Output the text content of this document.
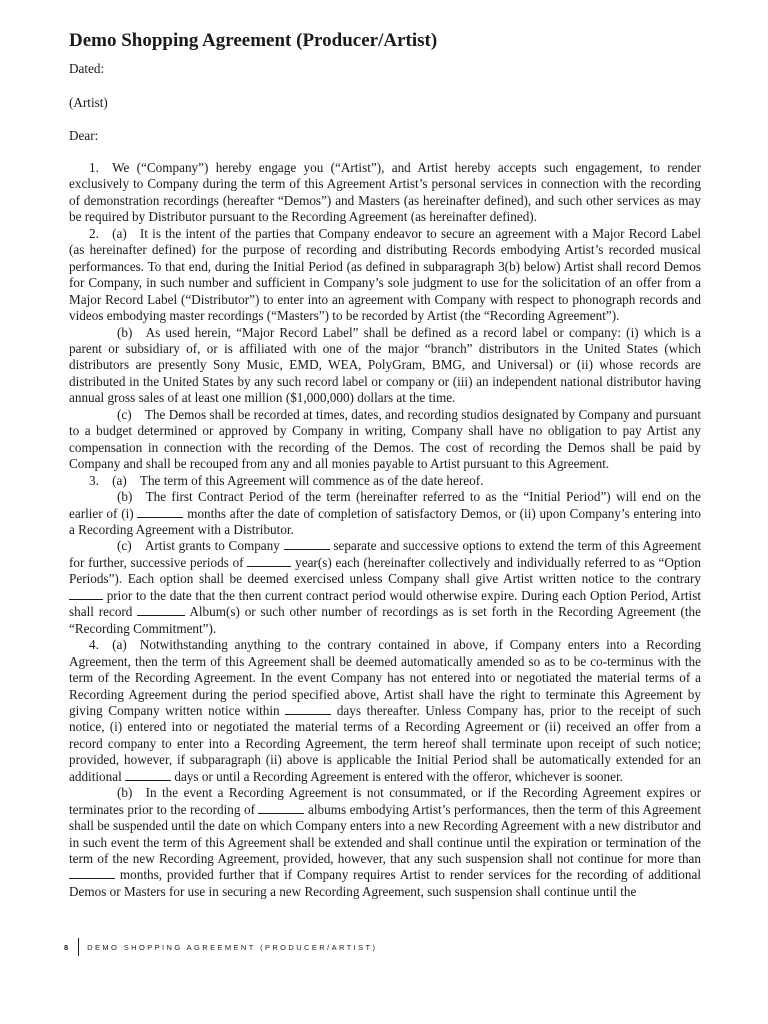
Demo Shopping Agreement (Producer/Artist)

Dated:

(Artist)

Dear:

1. We (“Company”) hereby engage you (“Artist”), and Artist hereby accepts such engagement, to render exclusively to Company during the term of this Agreement Artist’s personal services in connection with the recording of demonstration recordings (hereafter “Demos”) and Masters (as hereinafter defined), and such other services as may be required by Distributor pursuant to the Recording Agreement (as hereinafter defined).

2. (a) It is the intent of the parties that Company endeavor to secure an agreement with a Major Record Label (as hereinafter defined) for the purpose of recording and distributing Records embodying Artist’s recorded musical performances. To that end, during the Initial Period (as defined in subparagraph 3(b) below) Artist shall record Demos for Company, in such number and sufficient in Company’s sole judgment to use for the solicitation of an offer from a Major Record Label (“Distributor”) to enter into an agreement with Company with respect to phonograph records and videos embodying master recordings (“Masters”) to be recorded by Artist (the “Recording Agreement”).

(b) As used herein, “Major Record Label” shall be defined as a record label or company: (i) which is a parent or subsidiary of, or is affiliated with one of the major “branch” distributors in the United States (which distributors are presently Sony Music, EMD, WEA, PolyGram, BMG, and Universal) or (ii) whose records are distributed in the United States by any such record label or company or (iii) an independent national distributor having annual gross sales of at least one million ($1,000,000) dollars at the time.

(c) The Demos shall be recorded at times, dates, and recording studios designated by Company and pursuant to a budget determined or approved by Company in writing, Company shall have no obligation to pay Artist any compensation in connection with the recording of the Demos. The cost of recording the Demos shall be paid by Company and shall be recouped from any and all monies payable to Artist pursuant to this Agreement.

3. (a) The term of this Agreement will commence as of the date hereof.

(b) The first Contract Period of the term (hereinafter referred to as the “Initial Period”) will end on the earlier of (i)	months after the date of completion of satisfactory Demos, or (ii) upon Company’s entering into a Recording Agreement with a Distributor.

(c) Artist grants to Company	separate and successive options to extend the term of this Agreement for further, successive periods of	year(s) each (hereinafter collectively and individually referred to as “Option Periods”). Each option shall be deemed exercised unless Company shall give Artist written notice to the contrary  prior to the date that the then current contract period would otherwise expire. During each Option Period, Artist shall record	Album(s) or such other number of recordings as is set forth in the Recording Agreement (the “Recording Commitment”).

4. (a) Notwithstanding anything to the contrary contained in above, if Company enters into a Recording Agreement, then the term of this Agreement shall be deemed automatically amended so as to be co-terminus with the term of the Recording Agreement. In the event Company has not entered into or negotiated the material terms of a Recording Agreement during the period specified above, Artist shall have the right to terminate this Agreement by giving Company written notice within	days thereafter. Unless Company has, prior to the receipt of such notice, (i) entered into or negotiated the material terms of a Recording Agreement or (ii) received an offer from a record company to enter into a Recording Agreement, the term hereof shall terminate upon receipt of such notice; provided, however, if subparagraph (ii) above is applicable the Initial Period shall be automatically extended for an additional	days or until a Recording Agreement is entered with the offeror, whichever is sooner.

(b) In the event a Recording Agreement is not consummated, or if the Recording Agreement expires or terminates prior to the recording of	albums embodying Artist’s performances, then the term of this Agreement shall be suspended until the date on which Company enters into a new Recording Agreement with a new distributor and in such event the term of this Agreement shall be extended and shall continue until the expiration or termination of the term of the new Recording Agreement, provided, however, that any such suspension shall not continue for more than  months, provided further that if Company requires Artist to render services for the recording of additional Demos or Masters for use in securing a new Recording Agreement, such suspension shall continue until the

8	DEMO SHOPPING AGREEMENT (PRODUCER/ARTIST)
